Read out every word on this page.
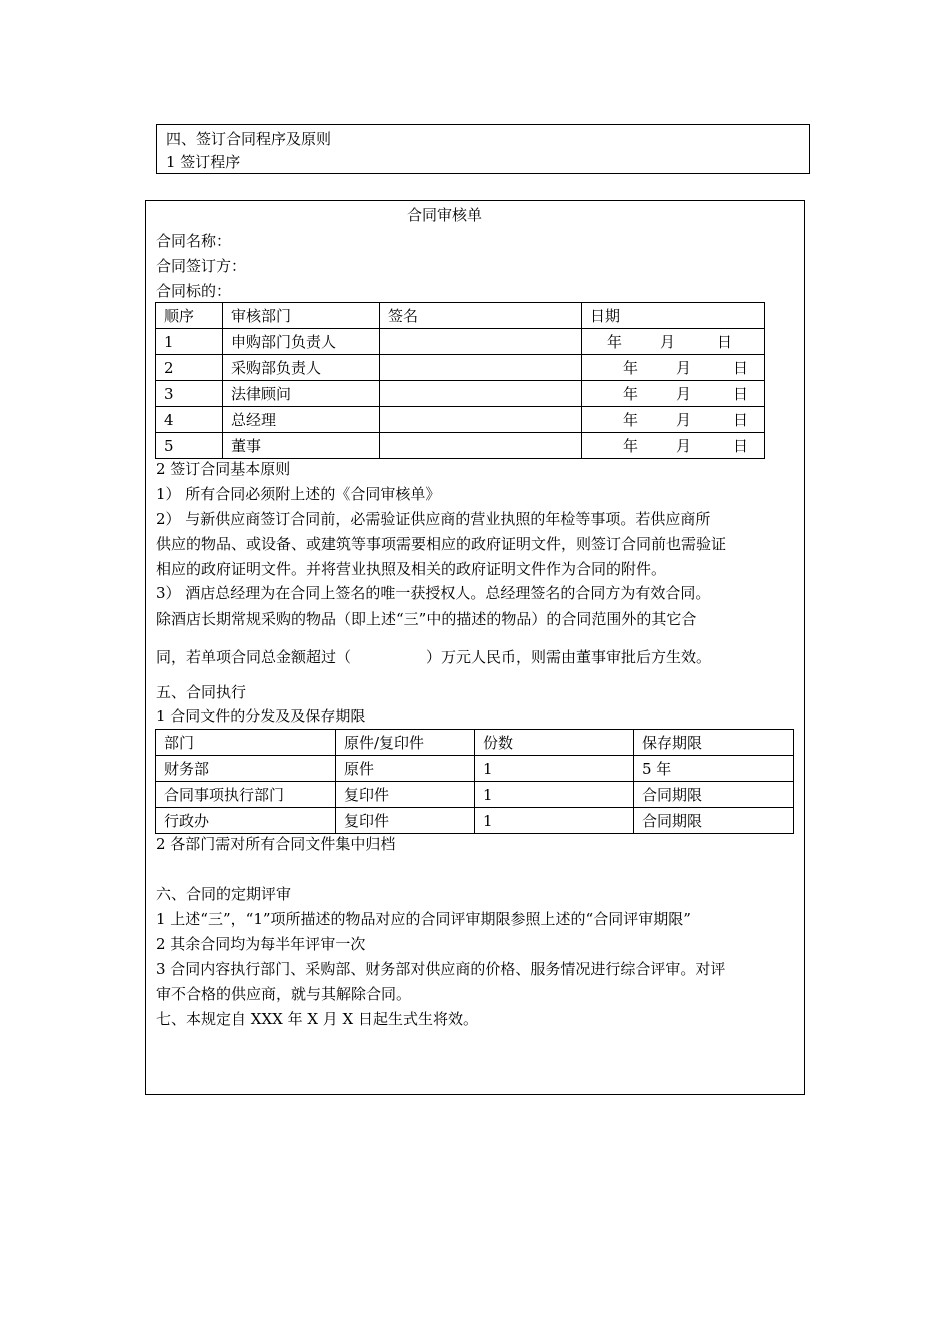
四、签订合同程序及原则
1 签订程序
合同审核单
合同名称：
合同签订方：
合同标的：
顺序	审核部门	签名	日期
1	申购部门负责人		年 月 日

2	采购部负责人		年 月 日

3	法律顾问		年 月 日

4	总经理		年 月 日

5	董事		年 月 日
2 签订合同基本原则
1） 所有合同必须附上述的《合同审核单》
2） 与新供应商签订合同前，必需验证供应商的营业执照的年检等事项。若供应商所
供应的物品、或设备、或建筑等事项需要相应的政府证明文件，则签订合同前也需验证
相应的政府证明文件。并将营业执照及相关的政府证明文件作为合同的附件。
3） 酒店总经理为在合同上签名的唯一获授权人。总经理签名的合同方为有效合同。
除酒店长期常规采购的物品（即上述“三”中的描述的物品）的合同范围外的其它合
同，若单项合同总金额超过（　　　　　）万元人民币，则需由董事审批后方生效。
五、合同执行
1 合同文件的分发及及保存期限
部门	原件/复印件	份数	保存期限
财务部	原件	1	5 年
合同事项执行部门	复印件	1	合同期限
行政办	复印件	1	合同期限
2 各部门需对所有合同文件集中归档
六、合同的定期评审
1 上述“三”，“1”项所描述的物品对应的合同评审期限参照上述的“合同评审期限”
2 其余合同均为每半年评审一次
3 合同内容执行部门、采购部、财务部对供应商的价格、服务情况进行综合评审。对评
审不合格的供应商，就与其解除合同。
七、本规定自 XXX 年 X 月 X 日起生式生将效。
